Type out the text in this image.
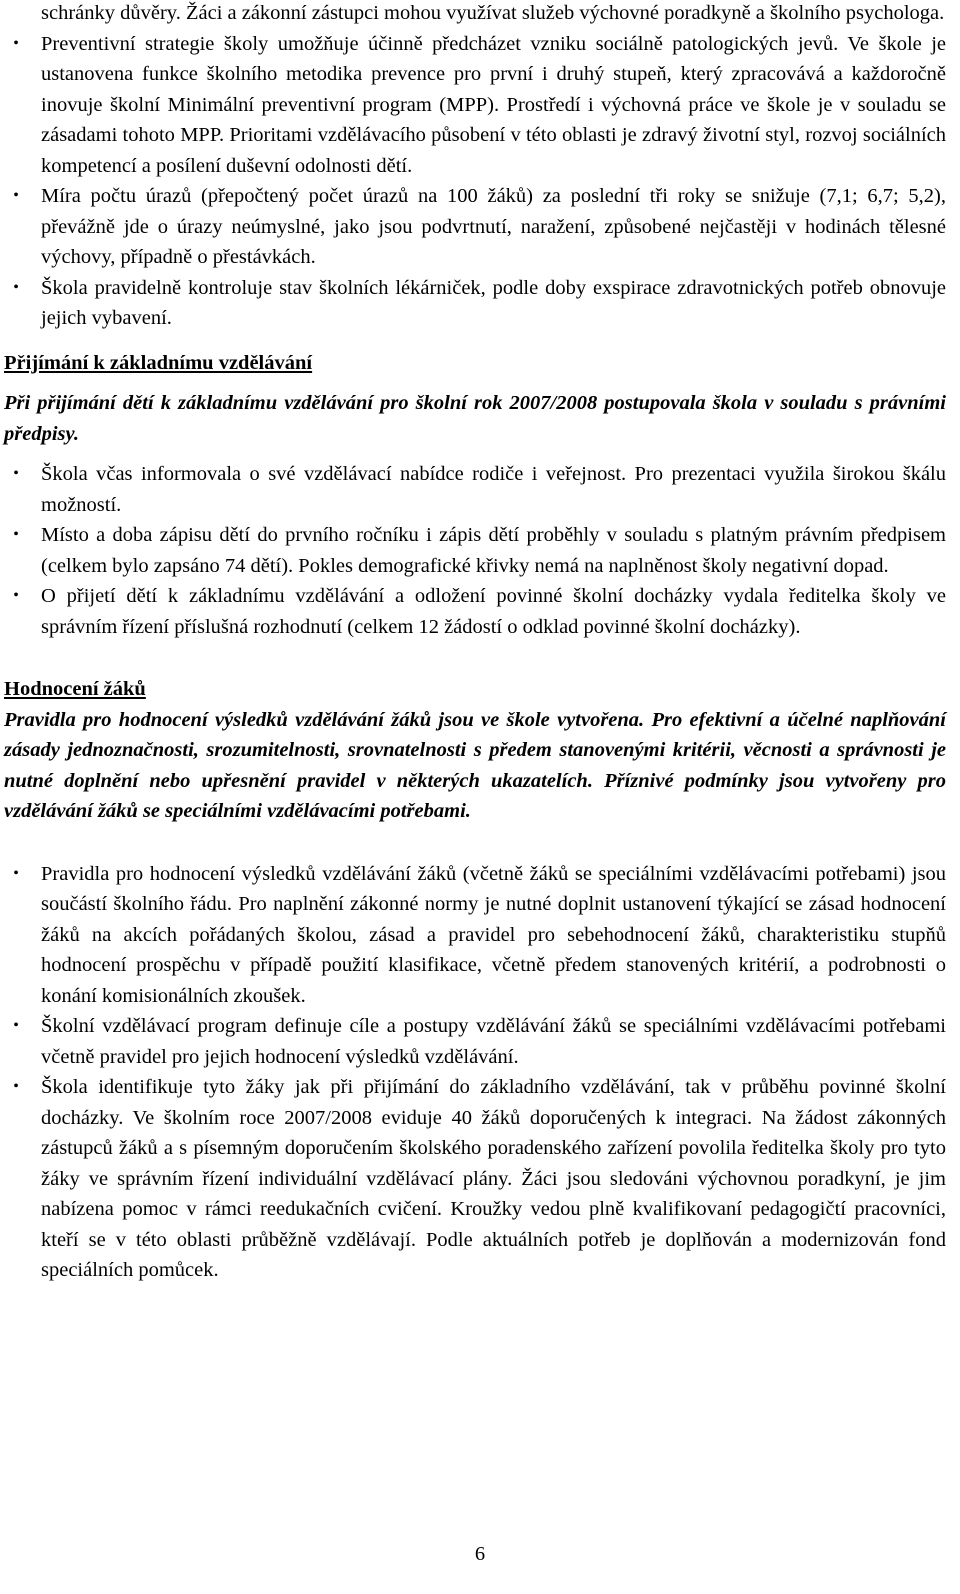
schránky důvěry. Žáci a zákonní zástupci mohou využívat služeb výchovné poradkyně a školního psychologa.

•	Preventivní strategie školy umožňuje účinně předcházet vzniku sociálně patologických jevů. Ve škole je ustanovena funkce školního metodika prevence pro první i druhý stupeň, který zpracovává a každoročně inovuje školní Minimální preventivní program (MPP). Prostředí i výchovná práce ve škole je v souladu se zásadami tohoto MPP. Prioritami vzdělávacího působení v této oblasti je zdravý životní styl, rozvoj sociálních kompetencí a posílení duševní odolnosti dětí.
•	Míra počtu úrazů (přepočtený počet úrazů na 100 žáků) za poslední tři roky se snižuje (7,1; 6,7; 5,2), převážně jde o úrazy neúmyslné, jako jsou podvrtnutí, naražení, způsobené nejčastěji v hodinách tělesné výchovy, případně o přestávkách.
•	Škola pravidelně kontroluje stav školních lékárniček, podle doby exspirace zdravotnických potřeb obnovuje jejich vybavení.

Přijímání k základnímu vzdělávání

Při přijímání dětí k základnímu vzdělávání pro školní rok 2007/2008 postupovala škola v souladu s právními předpisy.

•	Škola včas informovala o své vzdělávací nabídce rodiče i veřejnost. Pro prezentaci využila širokou škálu možností.
•	Místo a doba zápisu dětí do prvního ročníku i zápis dětí proběhly v souladu s platným právním předpisem (celkem bylo zapsáno 74 dětí). Pokles demografické křivky nemá na naplněnost školy negativní dopad.
•	O přijetí dětí k základnímu vzdělávání a odložení povinné školní docházky vydala ředitelka školy ve správním řízení příslušná rozhodnutí (celkem 12 žádostí o odklad povinné školní docházky).

Hodnocení žáků

Pravidla pro hodnocení výsledků vzdělávání žáků jsou ve škole vytvořena. Pro efektivní a účelné naplňování zásady jednoznačnosti, srozumitelnosti, srovnatelnosti s předem stanovenými kritérii, věcnosti a správnosti je nutné doplnění nebo upřesnění pravidel v některých ukazatelích. Příznivé podmínky jsou vytvořeny pro vzdělávání žáků se speciálními vzdělávacími potřebami.

•	Pravidla pro hodnocení výsledků vzdělávání žáků (včetně žáků se speciálními vzdělávacími potřebami) jsou součástí školního řádu. Pro naplnění zákonné normy je nutné doplnit ustanovení týkající se zásad hodnocení žáků na akcích pořádaných školou, zásad a pravidel pro sebehodnocení žáků, charakteristiku stupňů hodnocení prospěchu v případě použití klasifikace, včetně předem stanovených kritérií, a podrobnosti o konání komisionálních zkoušek.
•	Školní vzdělávací program definuje cíle a postupy vzdělávání žáků se speciálními vzdělávacími potřebami včetně pravidel pro jejich hodnocení výsledků vzdělávání.
•	Škola identifikuje tyto žáky jak při přijímání do základního vzdělávání, tak v průběhu povinné školní docházky. Ve školním roce 2007/2008 eviduje 40 žáků doporučených k integraci. Na žádost zákonných zástupců žáků a s písemným doporučením školského poradenského zařízení povolila ředitelka školy pro tyto žáky ve správním řízení individuální vzdělávací plány. Žáci jsou sledováni výchovnou poradkyní, je jim nabízena pomoc v rámci reedukačních cvičení. Kroužky vedou plně kvalifikovaní pedagogičtí pracovníci, kteří se v této oblasti průběžně vzdělávají. Podle aktuálních potřeb je doplňován a modernizován fond speciálních pomůcek.
6
